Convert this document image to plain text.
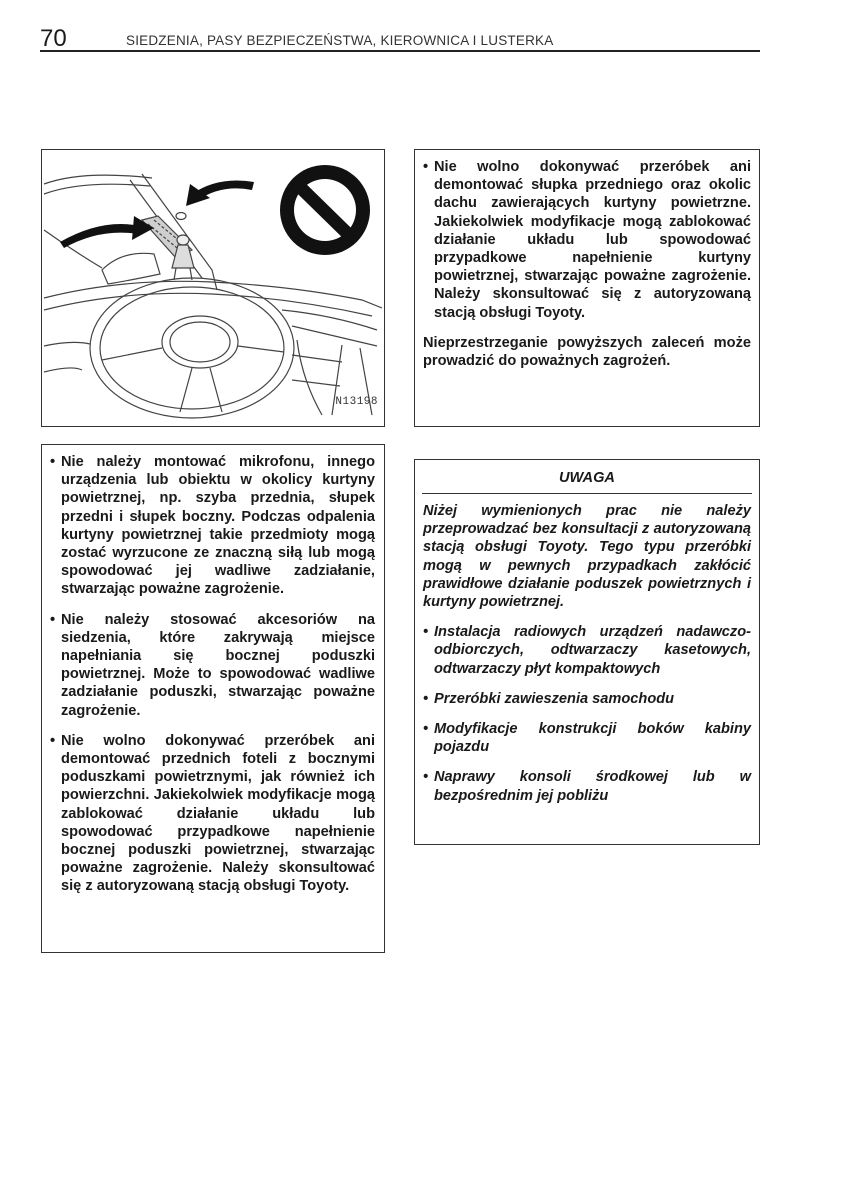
70	SIEDZENIA, PASY BEZPIECZEŃSTWA, KIEROWNICA I LUSTERKA
N13198
• Nie wolno dokonywać przeróbek ani demontować słupka przedniego oraz okolic dachu zawierających kurtyny powietrzne. Jakiekolwiek modyfikacje mogą zablokować działanie układu lub spowodować przypadkowe napełnienie kurtyny powietrznej, stwarzając poważne zagrożenie. Należy skonsultować się z autoryzowaną stacją obsługi Toyoty.
Nieprzestrzeganie powyższych zaleceń może prowadzić do poważnych zagrożeń.
• Nie należy montować mikrofonu, innego urządzenia lub obiektu w okolicy kurtyny powietrznej, np. szyba przednia, słupek przedni i słupek boczny. Podczas odpalenia kurtyny powietrznej takie przedmioty mogą zostać wyrzucone ze znaczną siłą lub mogą spowodować jej wadliwe zadziałanie, stwarzając poważne zagrożenie.
• Nie należy stosować akcesoriów na siedzenia, które zakrywają miejsce napełniania się bocznej poduszki powietrznej. Może to spowodować wadliwe zadziałanie poduszki, stwarzając poważne zagrożenie.
• Nie wolno dokonywać przeróbek ani demontować przednich foteli z bocznymi poduszkami powietrznymi, jak również ich powierzchni. Jakiekolwiek modyfikacje mogą zablokować działanie układu lub spowodować przypadkowe napełnienie bocznej poduszki powietrznej, stwarzając poważne zagrożenie. Należy skonsultować się z autoryzowaną stacją obsługi Toyoty.
UWAGA
Niżej wymienionych prac nie należy przeprowadzać bez konsultacji z autoryzowaną stacją obsługi Toyoty. Tego typu przeróbki mogą w pewnych przypadkach zakłócić prawidłowe działanie poduszek powietrznych i kurtyny powietrznej.
• Instalacja radiowych urządzeń nadawczo-odbiorczych, odtwarzaczy kasetowych, odtwarzaczy płyt kompaktowych
• Przeróbki zawieszenia samochodu
• Modyfikacje konstrukcji boków kabiny pojazdu
• Naprawy konsoli środkowej lub w bezpośrednim jej pobliżu
